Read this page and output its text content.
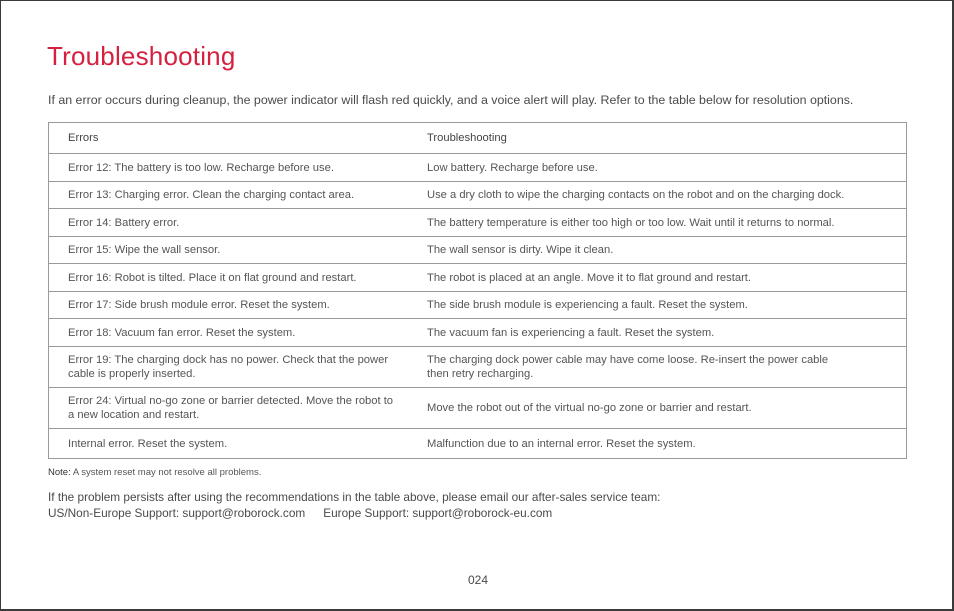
Troubleshooting

If an error occurs during cleanup, the power indicator will flash red quickly, and a voice alert will play. Refer to the table below for resolution options.

Errors	Troubleshooting
Error 12: The battery is too low. Recharge before use.	Low battery. Recharge before use.
Error 13: Charging error. Clean the charging contact area.	Use a dry cloth to wipe the charging contacts on the robot and on the charging dock.
Error 14: Battery error.	The battery temperature is either too high or too low. Wait until it returns to normal.
Error 15: Wipe the wall sensor.	The wall sensor is dirty. Wipe it clean.
Error 16: Robot is tilted. Place it on flat ground and restart.	The robot is placed at an angle. Move it to flat ground and restart.
Error 17: Side brush module error. Reset the system.	The side brush module is experiencing a fault. Reset the system.
Error 18: Vacuum fan error. Reset the system.	The vacuum fan is experiencing a fault. Reset the system.
Error 19: The charging dock has no power. Check that the power cable is properly inserted.	The charging dock power cable may have come loose. Re-insert the power cable then retry recharging.
Error 24: Virtual no-go zone or barrier detected. Move the robot to a new location and restart.	Move the robot out of the virtual no-go zone or barrier and restart.
Internal error. Reset the system.	Malfunction due to an internal error. Reset the system.

Note: A system reset may not resolve all problems.

If the problem persists after using the recommendations in the table above, please email our after-sales service team:
US/Non-Europe Support: support@roborock.com Europe Support: support@roborock-eu.com
024
